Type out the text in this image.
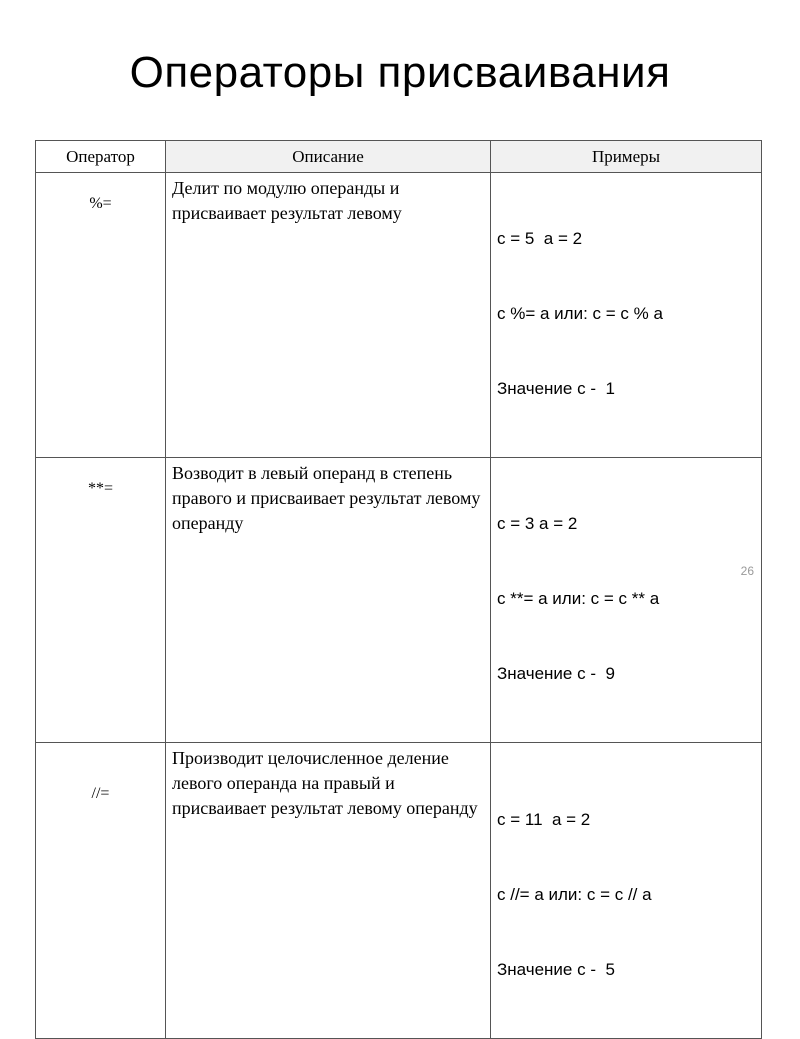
Операторы присваивания
Оператор	Описание	Примеры
%=	Делит по модулю операнды и присваивает результат левому	c = 5  a = 2

c %= a или: c = c % a

Значение c -  1

**=	Возводит в левый операнд в степень правого и присваивает результат левому операнду	c = 3 a = 2

c **= a или: c = c ** a

Значение c -  9

//=	Производит целочисленное деление левого операнда на правый и присваивает результат левому операнду	c = 11  a = 2

c //= a или: c = c // a

Значение c -  5

26
